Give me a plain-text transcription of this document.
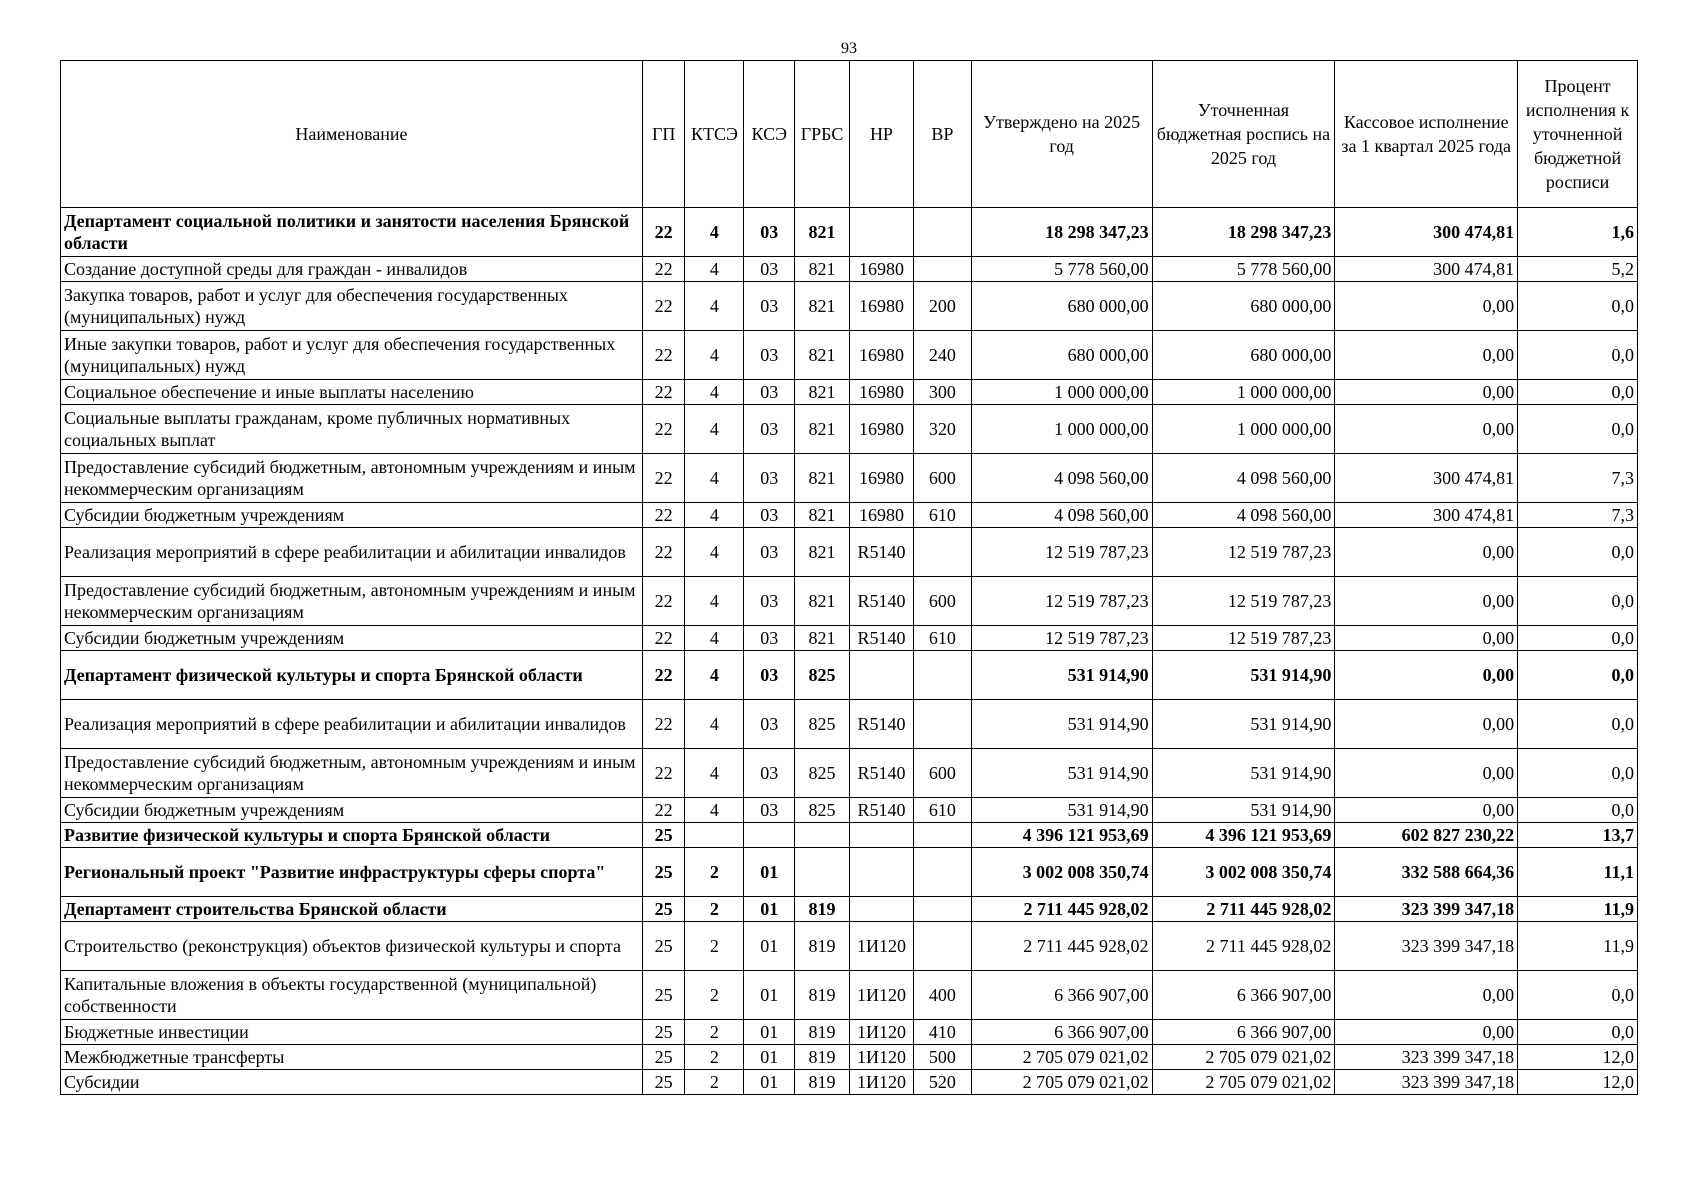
93
Наименование	ГП	КТСЭ	КСЭ	ГРБС	НР	ВР	Утверждено на 2025 год	Уточненная бюджетная роспись на 2025 год	Кассовое исполнение за 1 квартал 2025 года	Процент исполнения к уточненной бюджетной росписи
Департамент социальной политики и занятости населения Брянской области	22	4	03	821			18 298 347,23	18 298 347,23	300 474,81	1,6
Создание доступной среды для граждан - инвалидов	22	4	03	821	16980		5 778 560,00	5 778 560,00	300 474,81	5,2
Закупка товаров, работ и услуг для обеспечения государственных (муниципальных) нужд	22	4	03	821	16980	200	680 000,00	680 000,00	0,00	0,0
Иные закупки товаров, работ и услуг для обеспечения государственных (муниципальных) нужд	22	4	03	821	16980	240	680 000,00	680 000,00	0,00	0,0
Социальное обеспечение и иные выплаты населению	22	4	03	821	16980	300	1 000 000,00	1 000 000,00	0,00	0,0
Социальные выплаты гражданам, кроме публичных нормативных социальных выплат	22	4	03	821	16980	320	1 000 000,00	1 000 000,00	0,00	0,0
Предоставление субсидий бюджетным, автономным учреждениям и иным некоммерческим организациям	22	4	03	821	16980	600	4 098 560,00	4 098 560,00	300 474,81	7,3
Субсидии бюджетным учреждениям	22	4	03	821	16980	610	4 098 560,00	4 098 560,00	300 474,81	7,3
Реализация мероприятий в сфере реабилитации и абилитации инвалидов	22	4	03	821	R5140		12 519 787,23	12 519 787,23	0,00	0,0
Предоставление субсидий бюджетным, автономным учреждениям и иным некоммерческим организациям	22	4	03	821	R5140	600	12 519 787,23	12 519 787,23	0,00	0,0
Субсидии бюджетным учреждениям	22	4	03	821	R5140	610	12 519 787,23	12 519 787,23	0,00	0,0
Департамент физической культуры и спорта Брянской области	22	4	03	825			531 914,90	531 914,90	0,00	0,0
Реализация мероприятий в сфере реабилитации и абилитации инвалидов	22	4	03	825	R5140		531 914,90	531 914,90	0,00	0,0
Предоставление субсидий бюджетным, автономным учреждениям и иным некоммерческим организациям	22	4	03	825	R5140	600	531 914,90	531 914,90	0,00	0,0
Субсидии бюджетным учреждениям	22	4	03	825	R5140	610	531 914,90	531 914,90	0,00	0,0
Развитие физической культуры и спорта Брянской области	25						4 396 121 953,69	4 396 121 953,69	602 827 230,22	13,7
Региональный проект "Развитие инфраструктуры сферы спорта"	25	2	01				3 002 008 350,74	3 002 008 350,74	332 588 664,36	11,1
Департамент строительства Брянской области	25	2	01	819			2 711 445 928,02	2 711 445 928,02	323 399 347,18	11,9
Строительство (реконструкция) объектов физической культуры и спорта	25	2	01	819	1И120		2 711 445 928,02	2 711 445 928,02	323 399 347,18	11,9
Капитальные вложения в объекты государственной (муниципальной) собственности	25	2	01	819	1И120	400	6 366 907,00	6 366 907,00	0,00	0,0
Бюджетные инвестиции	25	2	01	819	1И120	410	6 366 907,00	6 366 907,00	0,00	0,0
Межбюджетные трансферты	25	2	01	819	1И120	500	2 705 079 021,02	2 705 079 021,02	323 399 347,18	12,0
Субсидии	25	2	01	819	1И120	520	2 705 079 021,02	2 705 079 021,02	323 399 347,18	12,0
